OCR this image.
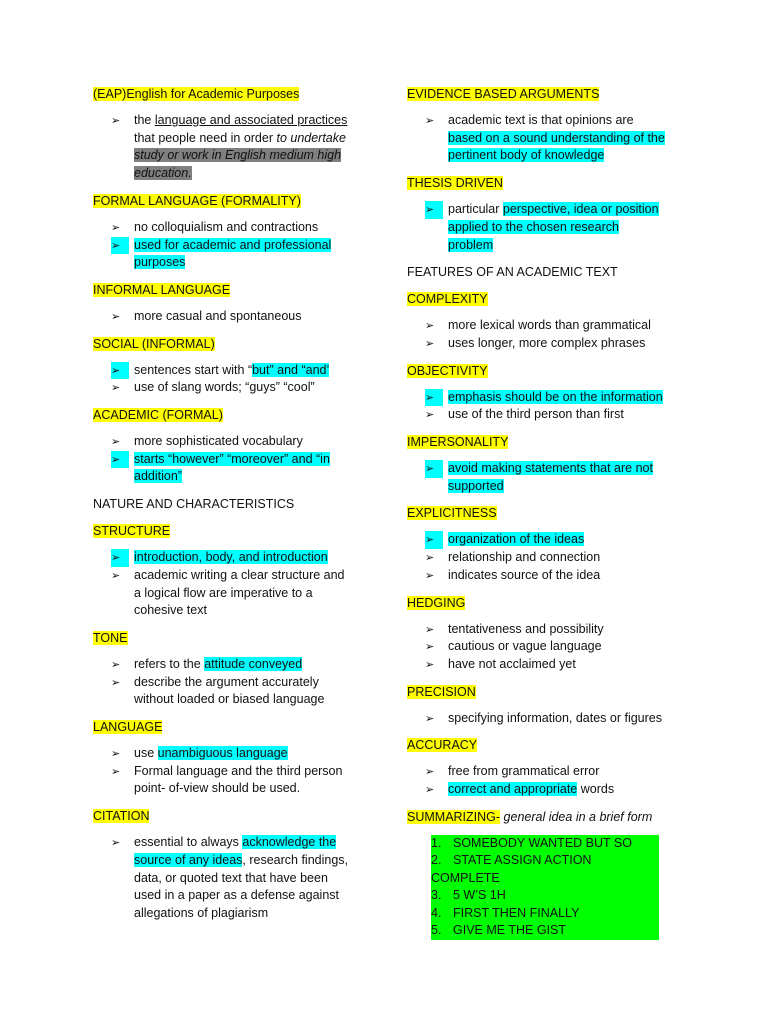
(EAP)English for Academic Purposes
➢	the language and associated practices
that people need in order to undertake
study or work in English medium high
education.
FORMAL LANGUAGE (FORMALITY)
➢	no colloquialism and contractions
➢	used for academic and professional
purposes
INFORMAL LANGUAGE
➢	more casual and spontaneous
SOCIAL (INFORMAL)
➢	sentences start with “but” and “and’
➢	use of slang words; “guys” “cool”
ACADEMIC (FORMAL)
➢	more sophisticated vocabulary
➢	starts “however” “moreover” and “in
addition”
NATURE AND CHARACTERISTICS
STRUCTURE
➢	introduction, body, and introduction
➢	academic writing a clear structure and
a logical flow are imperative to a
cohesive text
TONE
➢	refers to the attitude conveyed
➢	describe the argument accurately
without loaded or biased language
LANGUAGE
➢	use unambiguous language
➢	Formal language and the third person
point- of-view should be used.
CITATION
➢	essential to always acknowledge the
source of any ideas, research findings,
data, or quoted text that have been
used in a paper as a defense against
allegations of plagiarism
EVIDENCE BASED ARGUMENTS
➢	academic text is that opinions are
based on a sound understanding of the
pertinent body of knowledge
THESIS DRIVEN
➢	particular perspective, idea or position
applied to the chosen research
problem
FEATURES OF AN ACADEMIC TEXT
COMPLEXITY
➢	more lexical words than grammatical
➢	uses longer, more complex phrases
OBJECTIVITY
➢	emphasis should be on the information
➢	use of the third person than first
IMPERSONALITY
➢	avoid making statements that are not
supported
EXPLICITNESS
➢	organization of the ideas
➢	relationship and connection
➢	indicates source of the idea
HEDGING
➢	tentativeness and possibility
➢	cautious or vague language
➢	have not acclaimed yet
PRECISION
➢	specifying information, dates or figures
ACCURACY
➢	free from grammatical error
➢	correct and appropriate words
SUMMARIZING- general idea in a brief form
1. SOMEBODY WANTED BUT SO
2. STATE ASSIGN ACTION COMPLETE
3. 5 W’S 1H
4. FIRST THEN FINALLY
5. GIVE ME THE GIST
